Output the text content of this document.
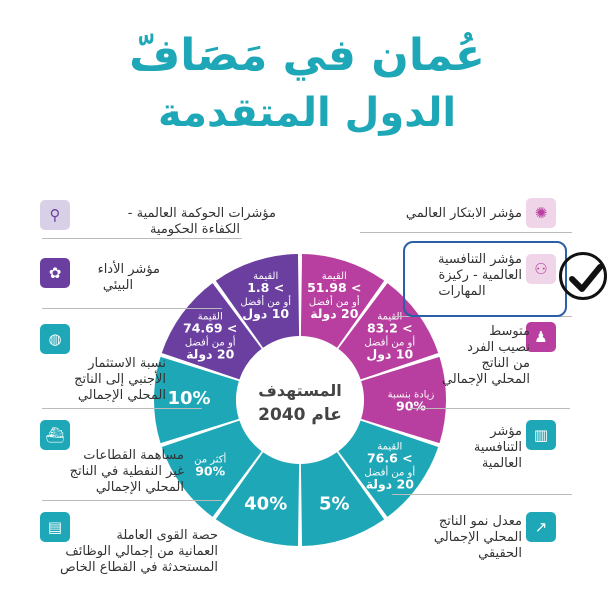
عُمان في مَصَافّ
الدول المتقدمة
القيمة
> 51.98
أو من أفضل
20 دولة القيمة
> 83.2
أو من أفضل
10 دول
زيادة بنسبة
90%
القيمة
> 76.6
أو من أفضل
20 دولة
5%
40%
أكثر من
90%
10%
القيمة
> 74.69
أو من أفضل
20 دولة
القيمة
> 1.8
أو من أفضل
10 دول
المستهدف
عام 2040
✺
⚇
♟
▥
↗
⚲
✿
◍
⛴
▤
مؤشر الابتكار العالمي
مؤشر التنافسية
العالمية - ركيزة
المهارات
متوسط
نصيب الفرد
من الناتج
المحلي الإجمالي
مؤشر
التنافسية
العالمية
معدل نمو الناتج
المحلي الإجمالي
الحقيقي
مؤشرات الحوكمة العالمية -
الكفاءة الحكومية
مؤشر الأداء
البيئي
نسبة الاستثمار
الأجنبي إلى الناتج
المحلي الإجمالي
مساهمة القطاعات
غير النفطية في الناتج
المحلي الإجمالي
حصة القوى العاملة
العمانية من إجمالي الوظائف
المستحدثة في القطاع الخاص
